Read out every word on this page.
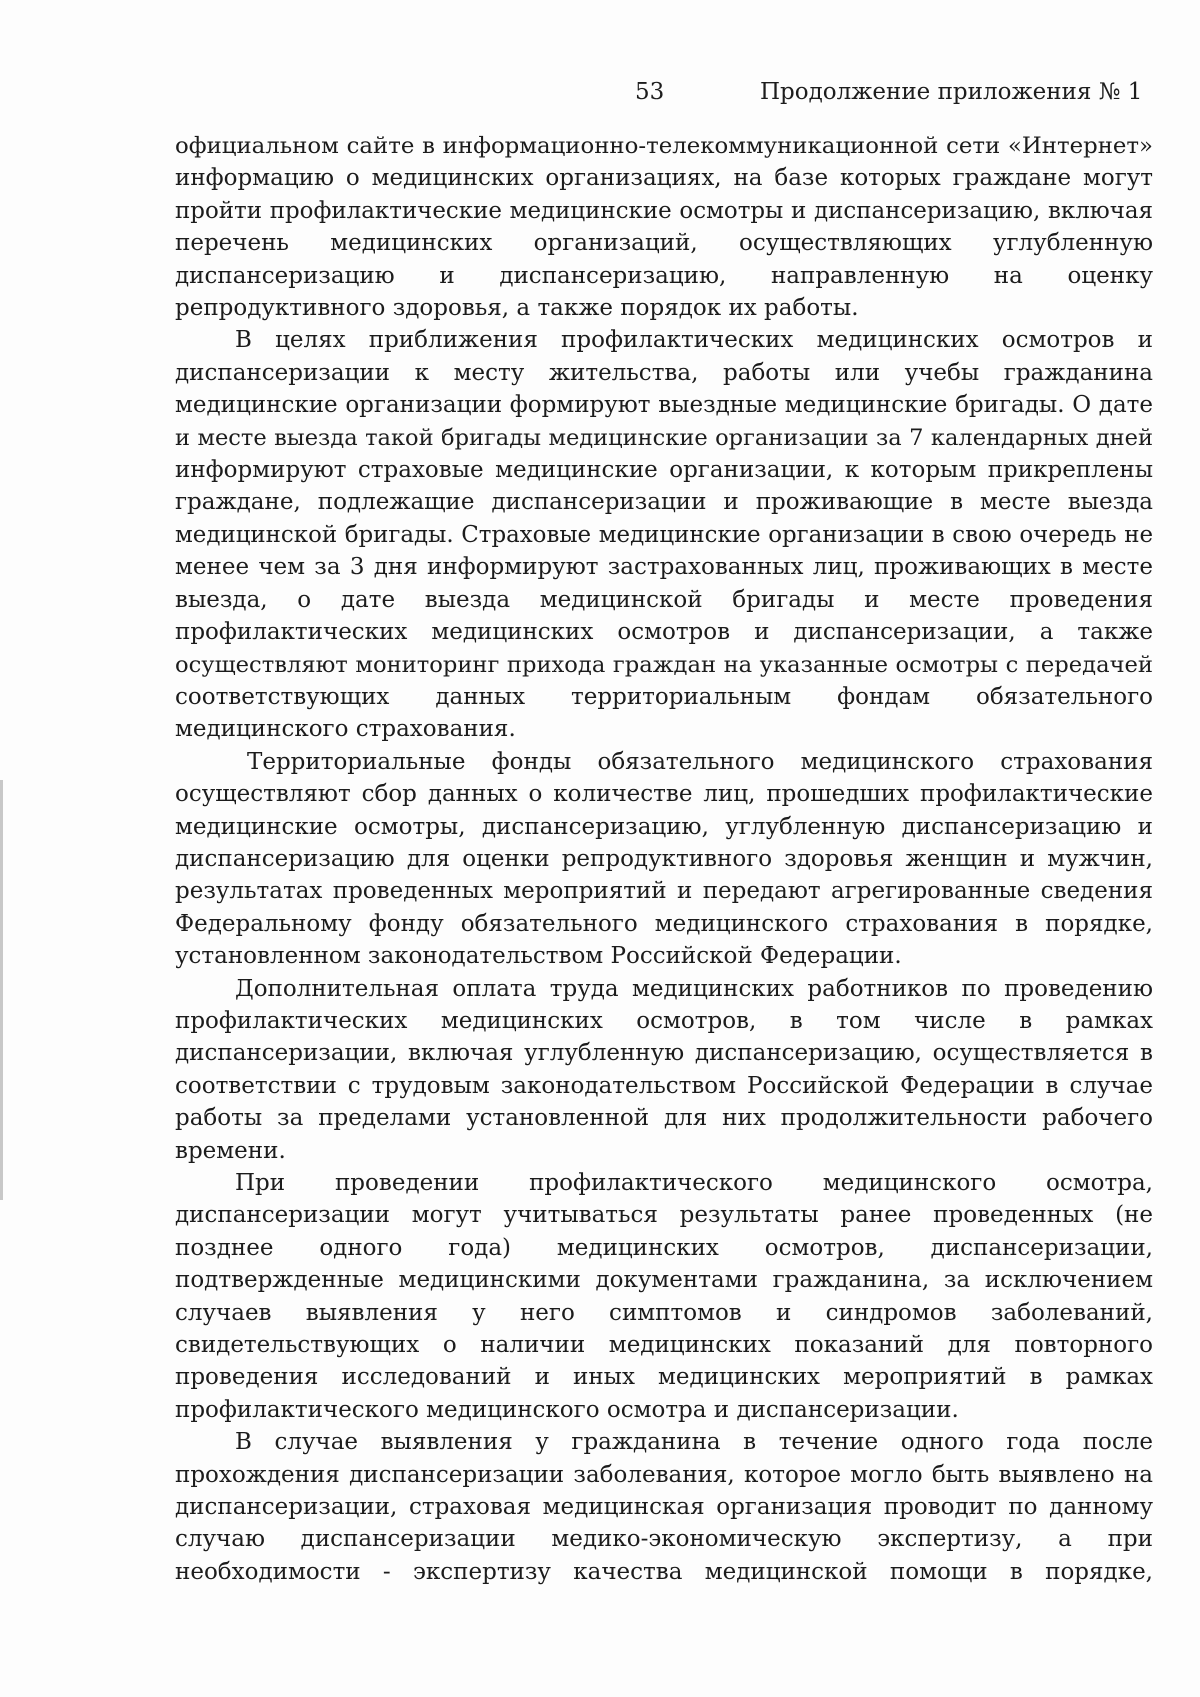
53	Продолжение приложения № 1
официальном сайте в информационно-телекоммуникационной сети «Интернет»
информацию о медицинских организациях, на базе которых граждане могут
пройти профилактические медицинские осмотры и диспансеризацию, включая
перечень медицинских организаций, осуществляющих углубленную
диспансеризацию и диспансеризацию, направленную на оценку
репродуктивного здоровья, а также порядок их работы.
В целях приближения профилактических медицинских осмотров и
диспансеризации к месту жительства, работы или учебы гражданина
медицинские организации формируют выездные медицинские бригады. О дате
и месте выезда такой бригады медицинские организации за 7 календарных дней
информируют страховые медицинские организации, к которым прикреплены
граждане, подлежащие диспансеризации и проживающие в месте выезда
медицинской бригады. Страховые медицинские организации в свою очередь не
менее чем за 3 дня информируют застрахованных лиц, проживающих в месте
выезда, о дате выезда медицинской бригады и месте проведения
профилактических медицинских осмотров и диспансеризации, а также
осуществляют мониторинг прихода граждан на указанные осмотры с передачей
соответствующих данных территориальным фондам обязательного
медицинского страхования.
Территориальные фонды обязательного медицинского страхования
осуществляют сбор данных о количестве лиц, прошедших профилактические
медицинские осмотры, диспансеризацию, углубленную диспансеризацию и
диспансеризацию для оценки репродуктивного здоровья женщин и мужчин,
результатах проведенных мероприятий и передают агрегированные сведения
Федеральному фонду обязательного медицинского страхования в порядке,
установленном законодательством Российской Федерации.
Дополнительная оплата труда медицинских работников по проведению
профилактических медицинских осмотров, в том числе в рамках
диспансеризации, включая углубленную диспансеризацию, осуществляется в
соответствии с трудовым законодательством Российской Федерации в случае
работы за пределами установленной для них продолжительности рабочего
времени.
При проведении профилактического медицинского осмотра,
диспансеризации могут учитываться результаты ранее проведенных (не
позднее одного года) медицинских осмотров, диспансеризации,
подтвержденные медицинскими документами гражданина, за исключением
случаев выявления у него симптомов и синдромов заболеваний,
свидетельствующих о наличии медицинских показаний для повторного
проведения исследований и иных медицинских мероприятий в рамках
профилактического медицинского осмотра и диспансеризации.
В случае выявления у гражданина в течение одного года после
прохождения диспансеризации заболевания, которое могло быть выявлено на
диспансеризации, страховая медицинская организация проводит по данному
случаю диспансеризации медико-экономическую экспертизу, а при
необходимости - экспертизу качества медицинской помощи в порядке,
